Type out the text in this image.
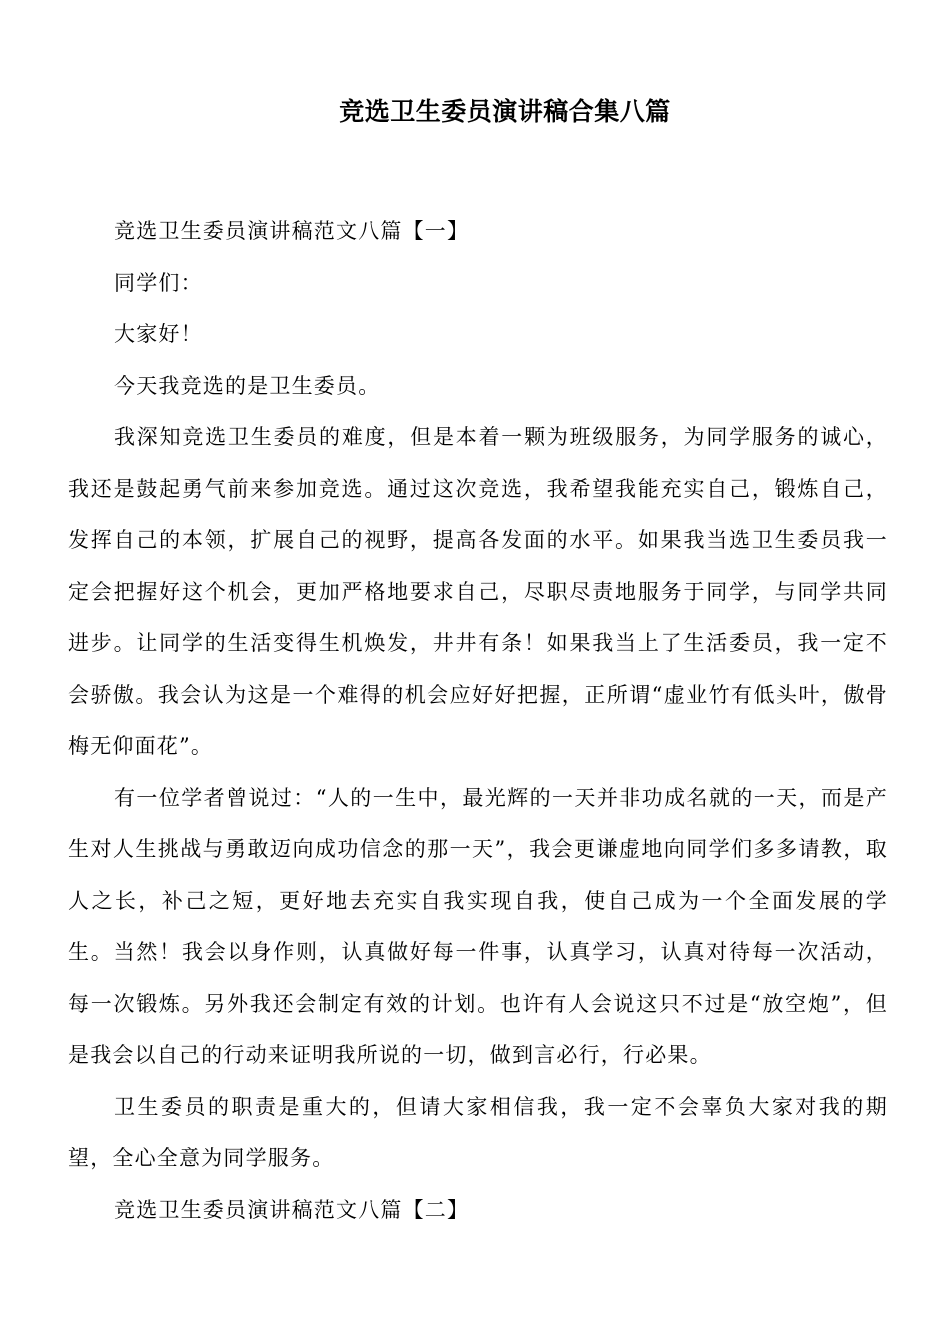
竞选卫生委员演讲稿合集八篇

竞选卫生委员演讲稿范文八篇【一】

同学们：

大家好！

今天我竞选的是卫生委员。

我深知竞选卫生委员的难度，但是本着一颗为班级服务，为同学服务的诚心，我还是鼓起勇气前来参加竞选。通过这次竞选，我希望我能充实自己，锻炼自己，发挥自己的本领，扩展自己的视野，提高各发面的水平。如果我当选卫生委员我一定会把握好这个机会，更加严格地要求自己，尽职尽责地服务于同学，与同学共同进步。让同学的生活变得生机焕发，井井有条！如果我当上了生活委员，我一定不会骄傲。我会认为这是一个难得的机会应好好把握，正所谓“虚业竹有低头叶，傲骨梅无仰面花”。

有一位学者曾说过：“人的一生中，最光辉的一天并非功成名就的一天，而是产生对人生挑战与勇敢迈向成功信念的那一天”，我会更谦虚地向同学们多多请教，取人之长，补己之短，更好地去充实自我实现自我，使自己成为一个全面发展的学生。当然！我会以身作则，认真做好每一件事，认真学习，认真对待每一次活动，每一次锻炼。另外我还会制定有效的计划。也许有人会说这只不过是“放空炮”，但是我会以自己的行动来证明我所说的一切，做到言必行，行必果。

卫生委员的职责是重大的，但请大家相信我，我一定不会辜负大家对我的期望，全心全意为同学服务。

竞选卫生委员演讲稿范文八篇【二】
